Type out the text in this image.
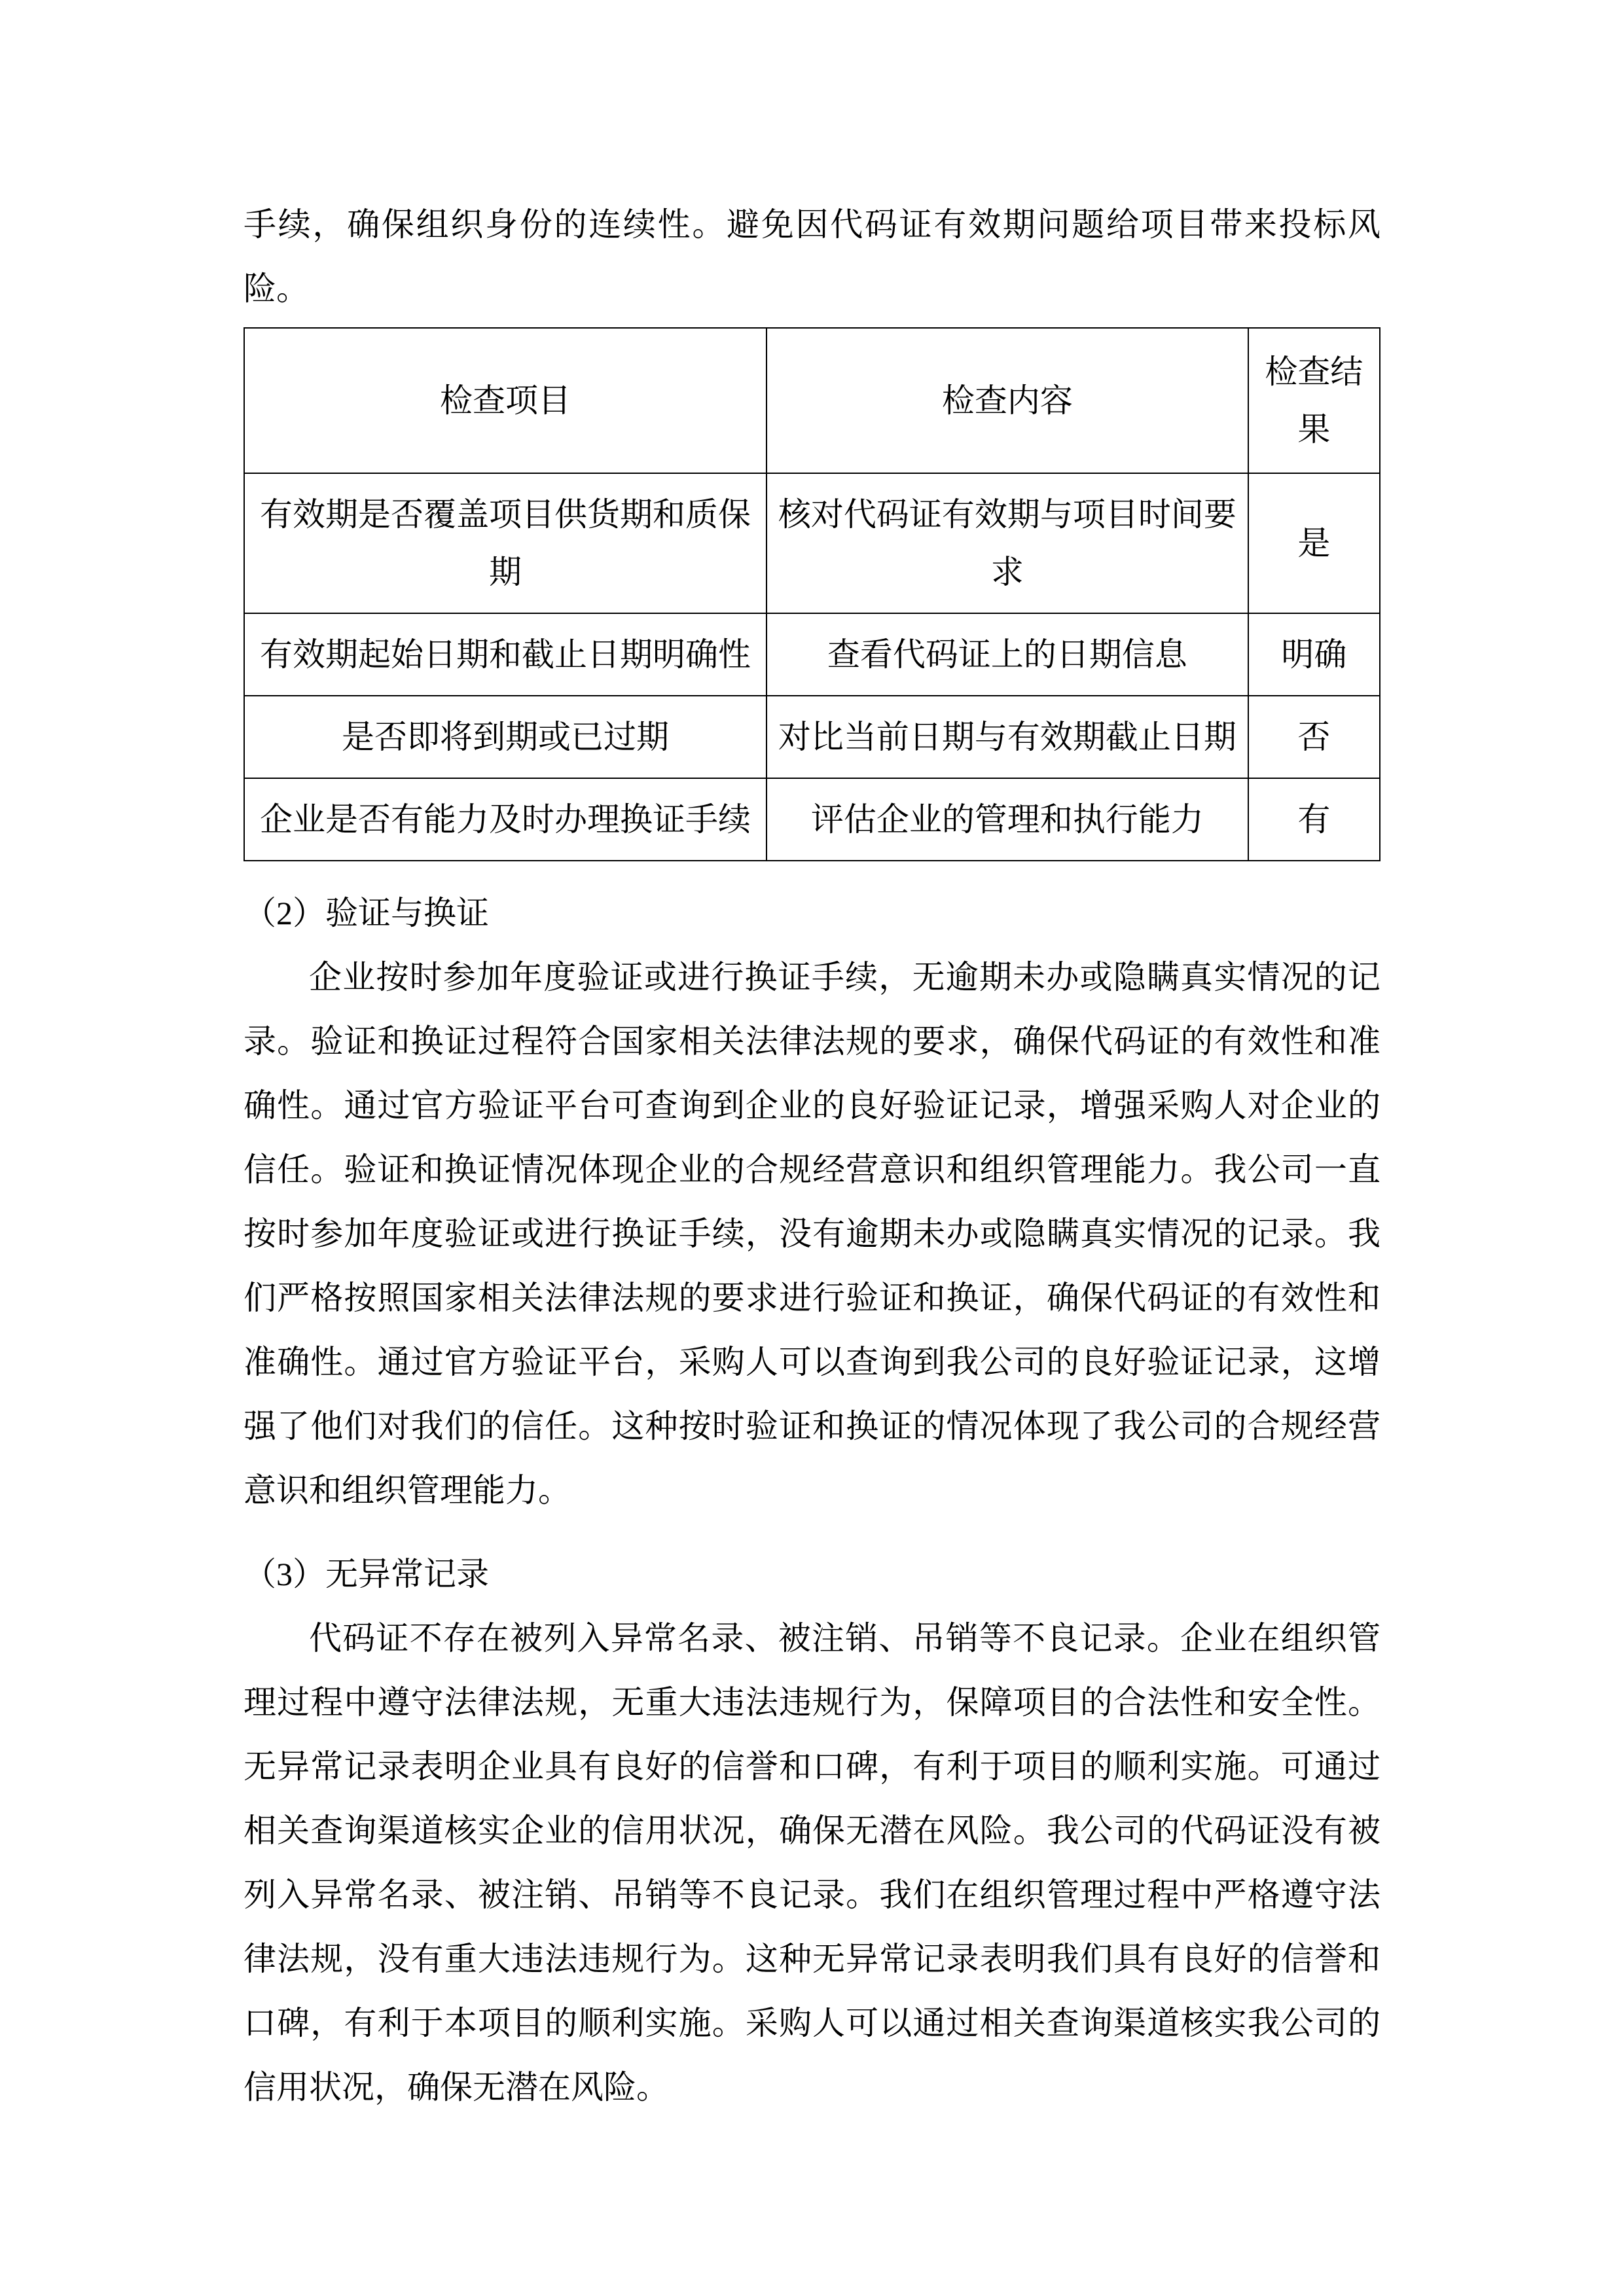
手续，确保组织身份的连续性。避免因代码证有效期问题给项目带来投标风险。

检查项目	检查内容	检查结果
有效期是否覆盖项目供货期和质保期	核对代码证有效期与项目时间要求	是
有效期起始日期和截止日期明确性	查看代码证上的日期信息	明确
是否即将到期或已过期	对比当前日期与有效期截止日期	否
企业是否有能力及时办理换证手续	评估企业的管理和执行能力	有
（2）验证与换证

企业按时参加年度验证或进行换证手续，无逾期未办或隐瞒真实情况的记录。验证和换证过程符合国家相关法律法规的要求，确保代码证的有效性和准确性。通过官方验证平台可查询到企业的良好验证记录，增强采购人对企业的信任。验证和换证情况体现企业的合规经营意识和组织管理能力。我公司一直按时参加年度验证或进行换证手续，没有逾期未办或隐瞒真实情况的记录。我们严格按照国家相关法律法规的要求进行验证和换证，确保代码证的有效性和准确性。通过官方验证平台，采购人可以查询到我公司的良好验证记录，这增强了他们对我们的信任。这种按时验证和换证的情况体现了我公司的合规经营意识和组织管理能力。

（3）无异常记录

代码证不存在被列入异常名录、被注销、吊销等不良记录。企业在组织管理过程中遵守法律法规，无重大违法违规行为，保障项目的合法性和安全性。无异常记录表明企业具有良好的信誉和口碑，有利于项目的顺利实施。可通过相关查询渠道核实企业的信用状况，确保无潜在风险。我公司的代码证没有被列入异常名录、被注销、吊销等不良记录。我们在组织管理过程中严格遵守法律法规，没有重大违法违规行为。这种无异常记录表明我们具有良好的信誉和口碑，有利于本项目的顺利实施。采购人可以通过相关查询渠道核实我公司的信用状况，确保无潜在风险。
